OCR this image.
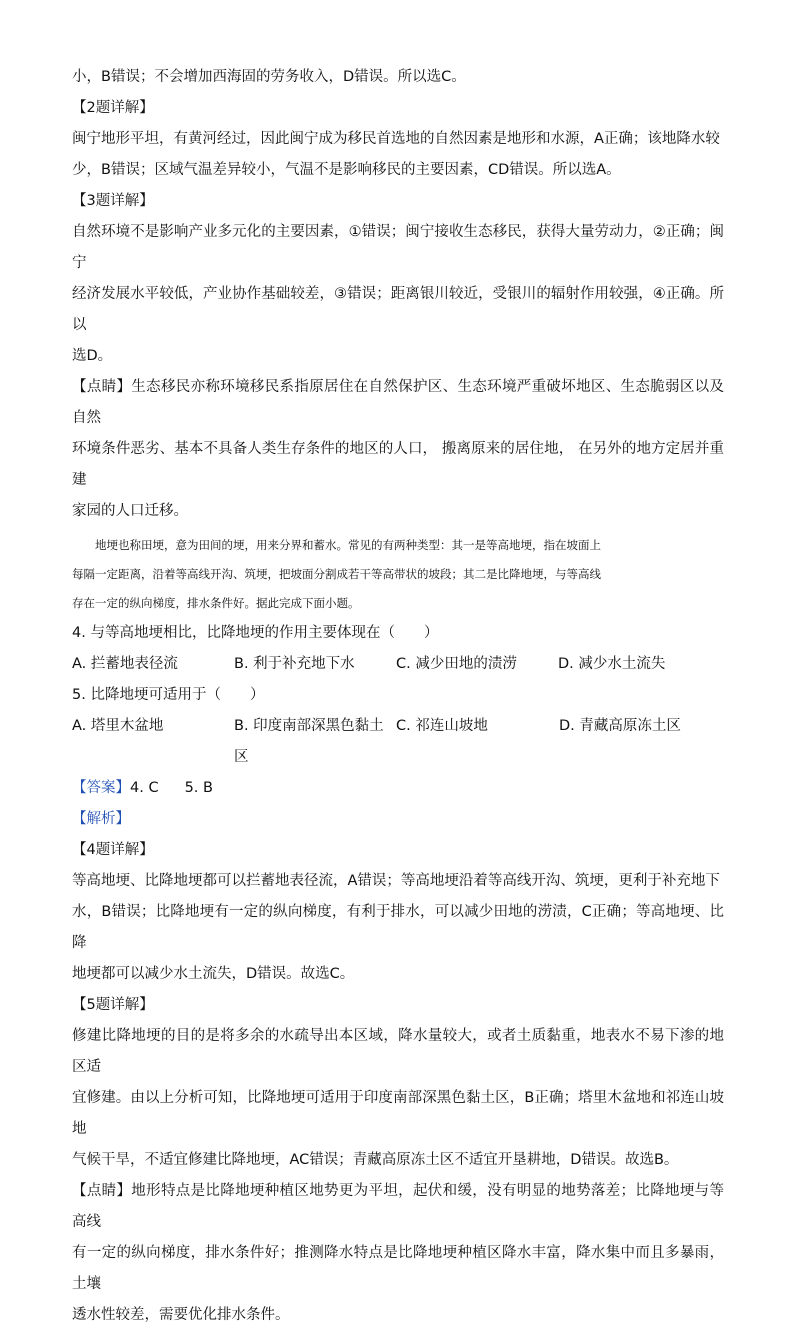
小，B错误；不会增加西海固的劳务收入，D错误。所以选C。

【2题详解】

闽宁地形平坦，有黄河经过，因此闽宁成为移民首选地的自然因素是地形和水源，A正确；该地降水较

少，B错误；区域气温差异较小，气温不是影响移民的主要因素，CD错误。所以选A。

【3题详解】

自然环境不是影响产业多元化的主要因素，①错误；闽宁接收生态移民，获得大量劳动力，②正确；闽宁

经济发展水平较低，产业协作基础较差，③错误；距离银川较近，受银川的辐射作用较强，④正确。所以

选D。

【点睛】生态移民亦称环境移民系指原居住在自然保护区、生态环境严重破坏地区、生态脆弱区以及自然

环境条件恶劣、基本不具备人类生存条件的地区的人口， 搬离原来的居住地， 在另外的地方定居并重建

家园的人口迁移。

地埂也称田埂，意为田间的埂，用来分界和蓄水。常见的有两种类型：其一是等高地埂，指在坡面上

每隔一定距离，沿着等高线开沟、筑埂，把坡面分割成若干等高带状的坡段；其二是比降地埂，与等高线

存在一定的纵向梯度，排水条件好。据此完成下面小题。

4. 与等高地埂相比，比降地埂的作用主要体现在（　　）

A. 拦蓄地表径流	B. 利于补充地下水	C. 减少田地的渍涝	D. 减少水土流失

5. 比降地埂可适用于（　　）

A. 塔里木盆地	B. 印度南部深黑色黏土区
C. 祁连山坡地	D. 青藏高原冻土区

【答案】4. C 5. B

【解析】

【4题详解】

等高地埂、比降地埂都可以拦蓄地表径流，A错误；等高地埂沿着等高线开沟、筑埂，更利于补充地下

水，B错误；比降地埂有一定的纵向梯度，有利于排水，可以减少田地的涝渍，C正确；等高地埂、比降

地埂都可以减少水土流失，D错误。故选C。

【5题详解】

修建比降地埂的目的是将多余的水疏导出本区域，降水量较大，或者土质黏重，地表水不易下渗的地区适

宜修建。由以上分析可知，比降地埂可适用于印度南部深黑色黏土区，B正确；塔里木盆地和祁连山坡地

气候干旱，不适宜修建比降地埂，AC错误；青藏高原冻土区不适宜开垦耕地，D错误。故选B。

【点睛】地形特点是比降地埂种植区地势更为平坦，起伏和缓，没有明显的地势落差；比降地埂与等高线

有一定的纵向梯度，排水条件好；推测降水特点是比降地埂种植区降水丰富，降水集中而且多暴雨，土壤

透水性较差，需要优化排水条件。
